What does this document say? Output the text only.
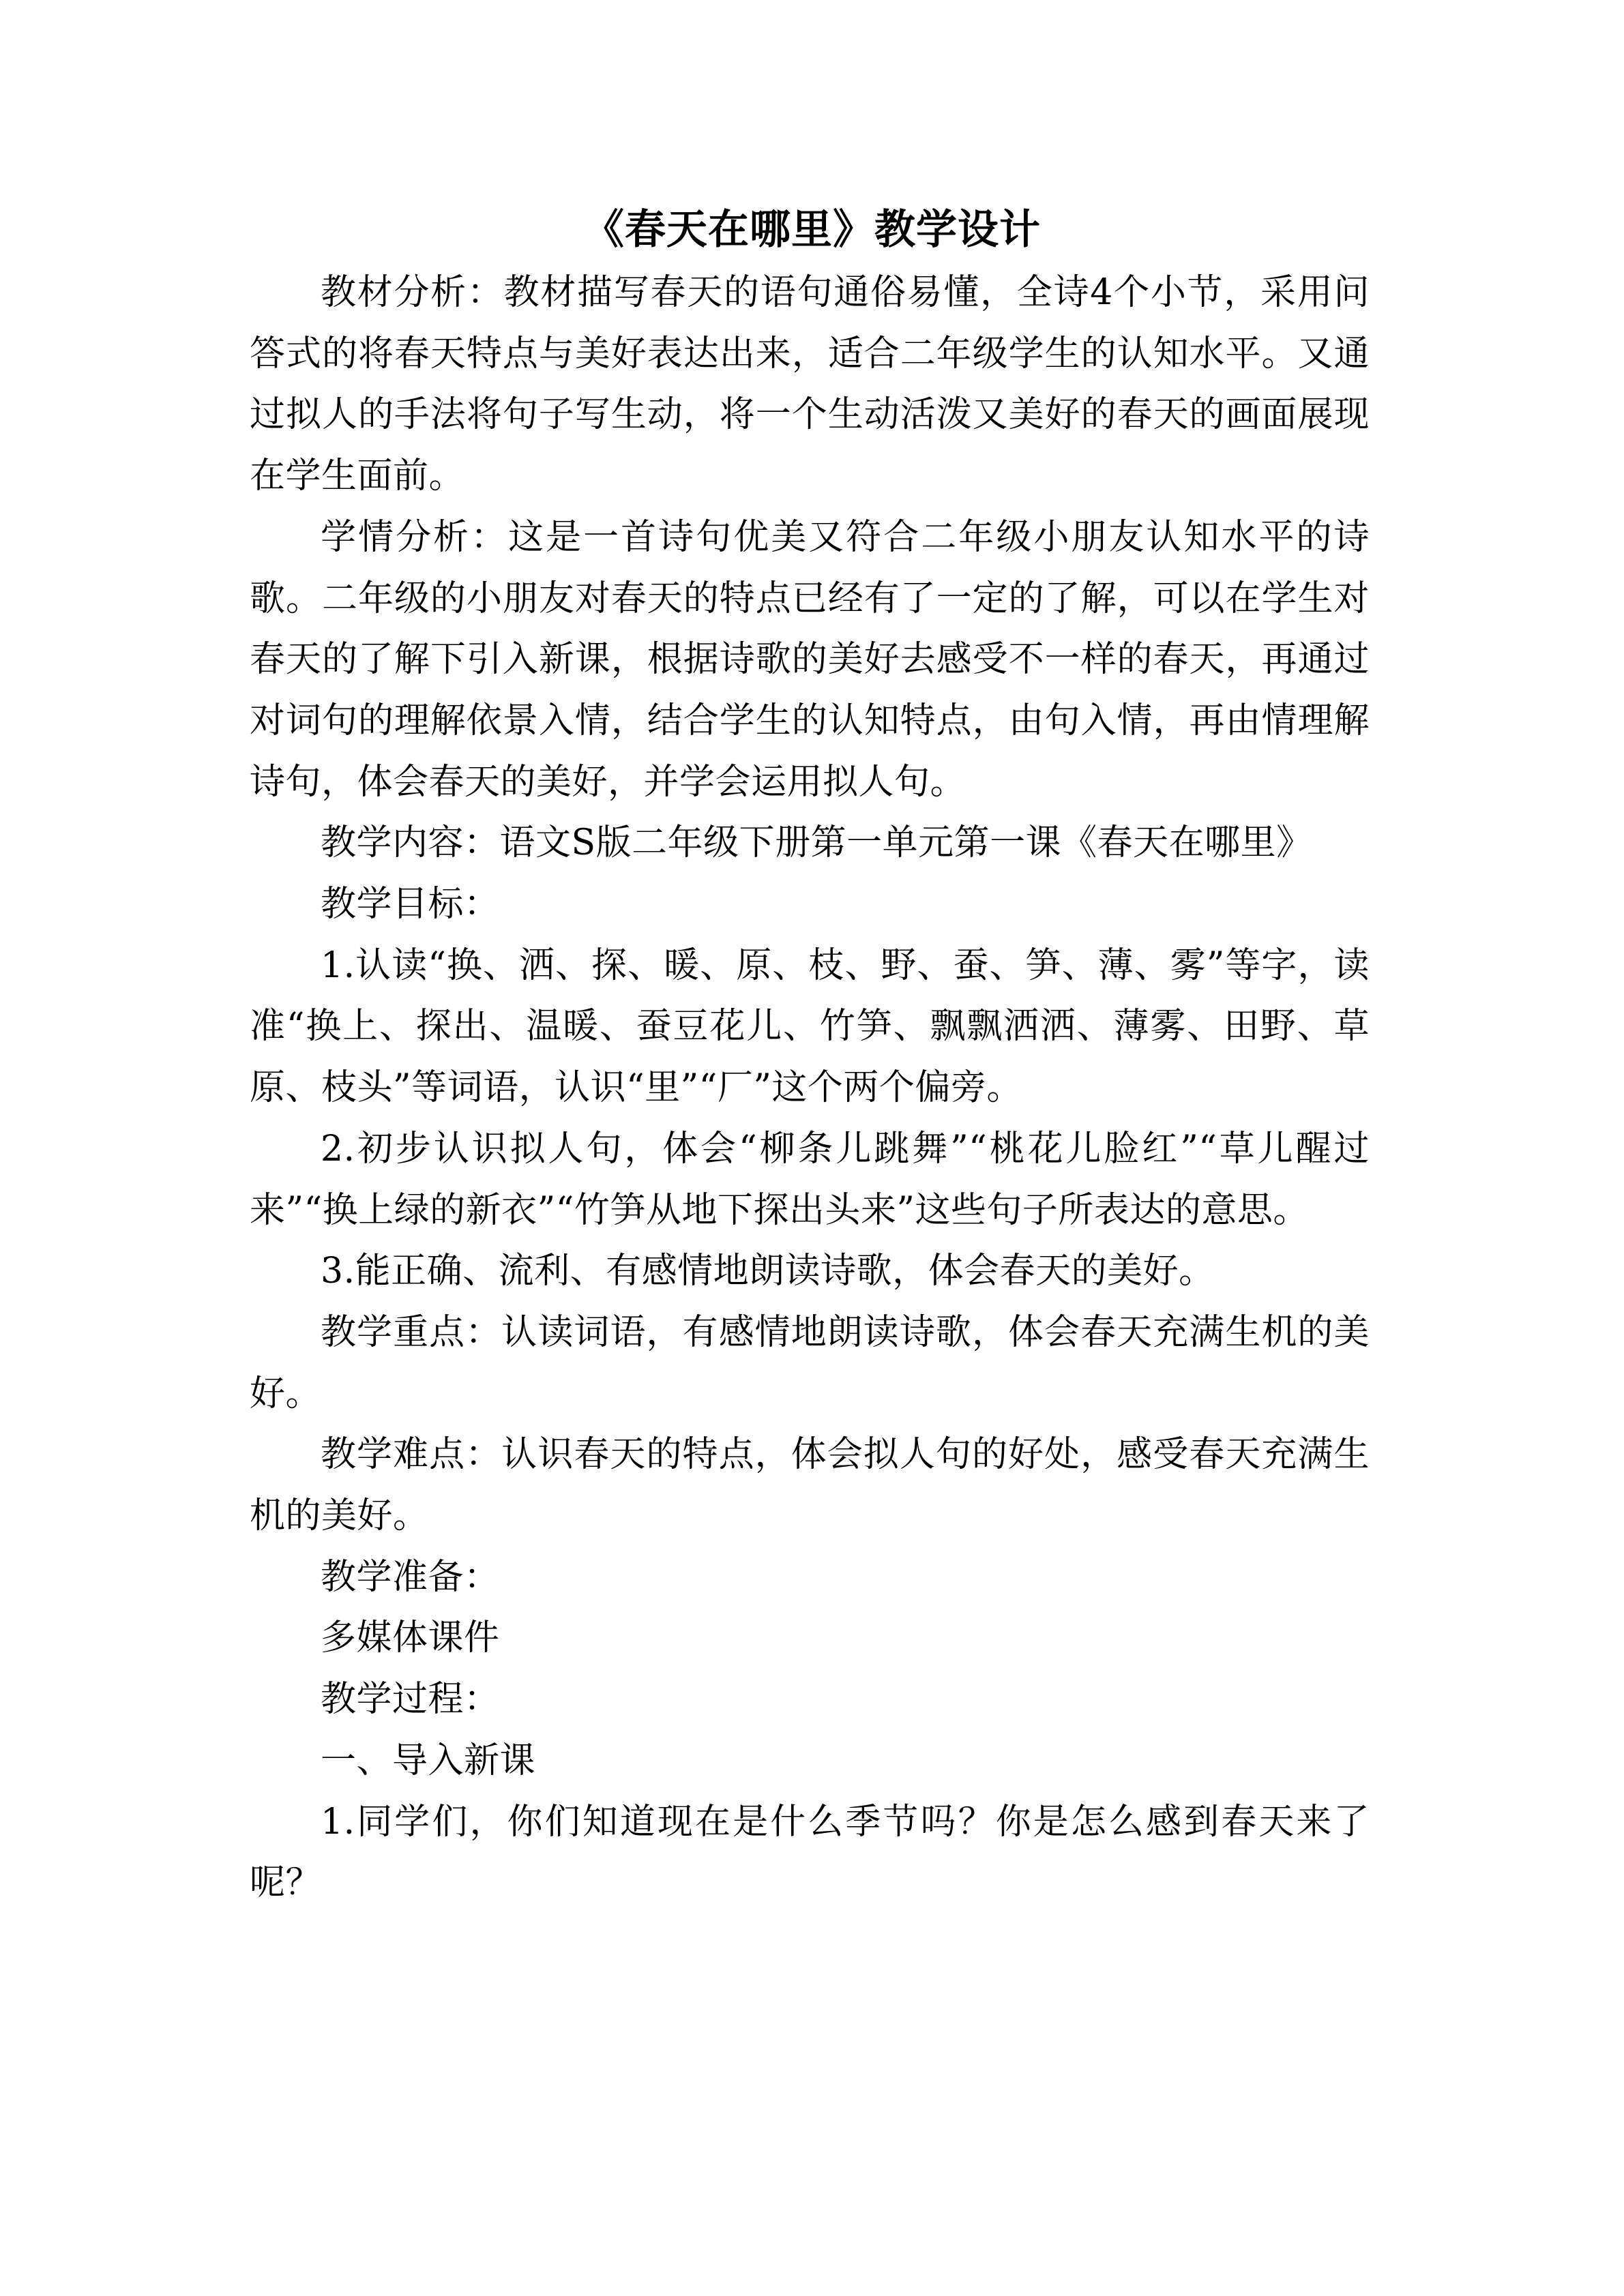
《春天在哪里》教学设计

教材分析：教材描写春天的语句通俗易懂，全诗4个小节，采用问答式的将春天特点与美好表达出来，适合二年级学生的认知水平。又通过拟人的手法将句子写生动，将一个生动活泼又美好的春天的画面展现在学生面前。

学情分析：这是一首诗句优美又符合二年级小朋友认知水平的诗歌。二年级的小朋友对春天的特点已经有了一定的了解，可以在学生对春天的了解下引入新课，根据诗歌的美好去感受不一样的春天，再通过对词句的理解依景入情，结合学生的认知特点，由句入情，再由情理解诗句，体会春天的美好，并学会运用拟人句。

教学内容：语文S版二年级下册第一单元第一课《春天在哪里》

教学目标：

1.认读“换、洒、探、暖、原、枝、野、蚕、笋、薄、雾”等字，读准“换上、探出、温暖、蚕豆花儿、竹笋、飘飘洒洒、薄雾、田野、草原、枝头”等词语，认识“里”“厂”这个两个偏旁。

2.初步认识拟人句，体会“柳条儿跳舞”“桃花儿脸红”“草儿醒过来”“换上绿的新衣”“竹笋从地下探出头来”这些句子所表达的意思。

3.能正确、流利、有感情地朗读诗歌，体会春天的美好。

教学重点：认读词语，有感情地朗读诗歌，体会春天充满生机的美好。

教学难点：认识春天的特点，体会拟人句的好处，感受春天充满生机的美好。

教学准备：

多媒体课件

教学过程：

一、导入新课

1.同学们，你们知道现在是什么季节吗？你是怎么感到春天来了呢？
